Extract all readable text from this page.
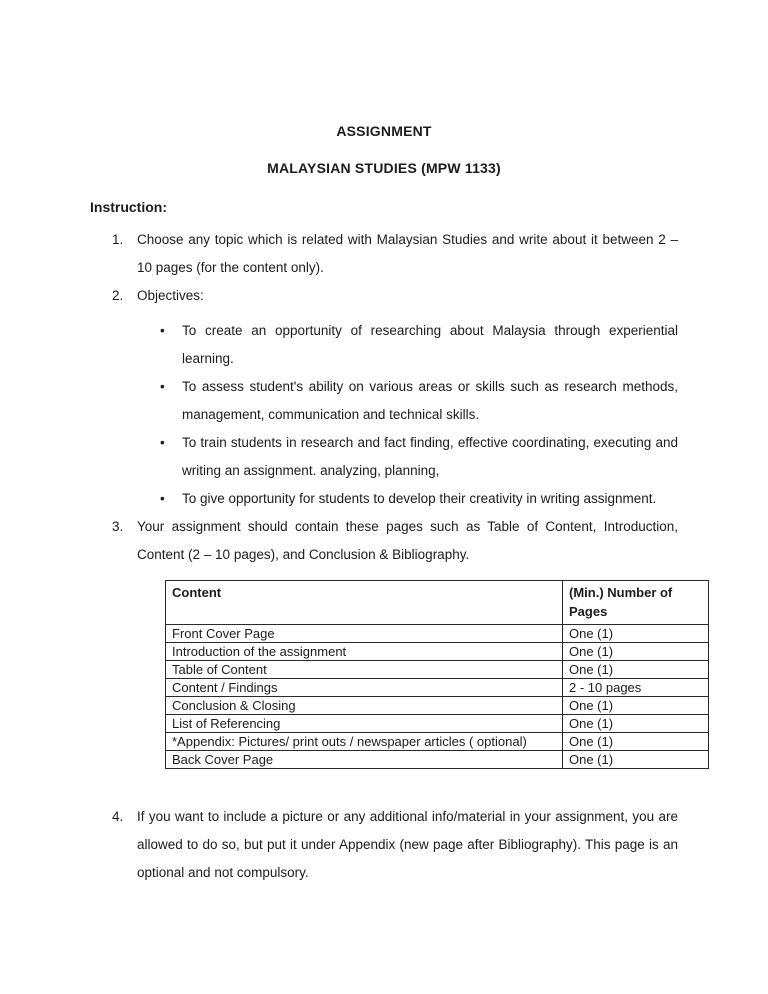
ASSIGNMENT
MALAYSIAN STUDIES (MPW 1133)
Instruction:
1.	Choose any topic which is related with Malaysian Studies and write about it between 2 – 10 pages (for the content only).
2.	Objectives:
•	To create an opportunity of researching about Malaysia through experiential learning.
•	To assess student's ability on various areas or skills such as research methods, management, communication and technical skills.
•	To train students in research and fact finding, effective coordinating, executing and writing an assignment. analyzing, planning,
•	To give opportunity for students to develop their creativity in writing assignment.
3.	Your assignment should contain these pages such as Table of Content, Introduction, Content (2 – 10 pages), and Conclusion & Bibliography.
Content	(Min.) Number of Pages
Front Cover Page	One (1)
Introduction of the assignment	One (1)
Table of Content	One (1)
Content / Findings	2 - 10 pages
Conclusion & Closing	One (1)
List of Referencing	One (1)
*Appendix: Pictures/ print outs / newspaper articles ( optional)	One (1)
Back Cover Page	One (1)
4.	If you want to include a picture or any additional info/material in your assignment, you are allowed to do so, but put it under Appendix (new page after Bibliography). This page is an optional and not compulsory.
